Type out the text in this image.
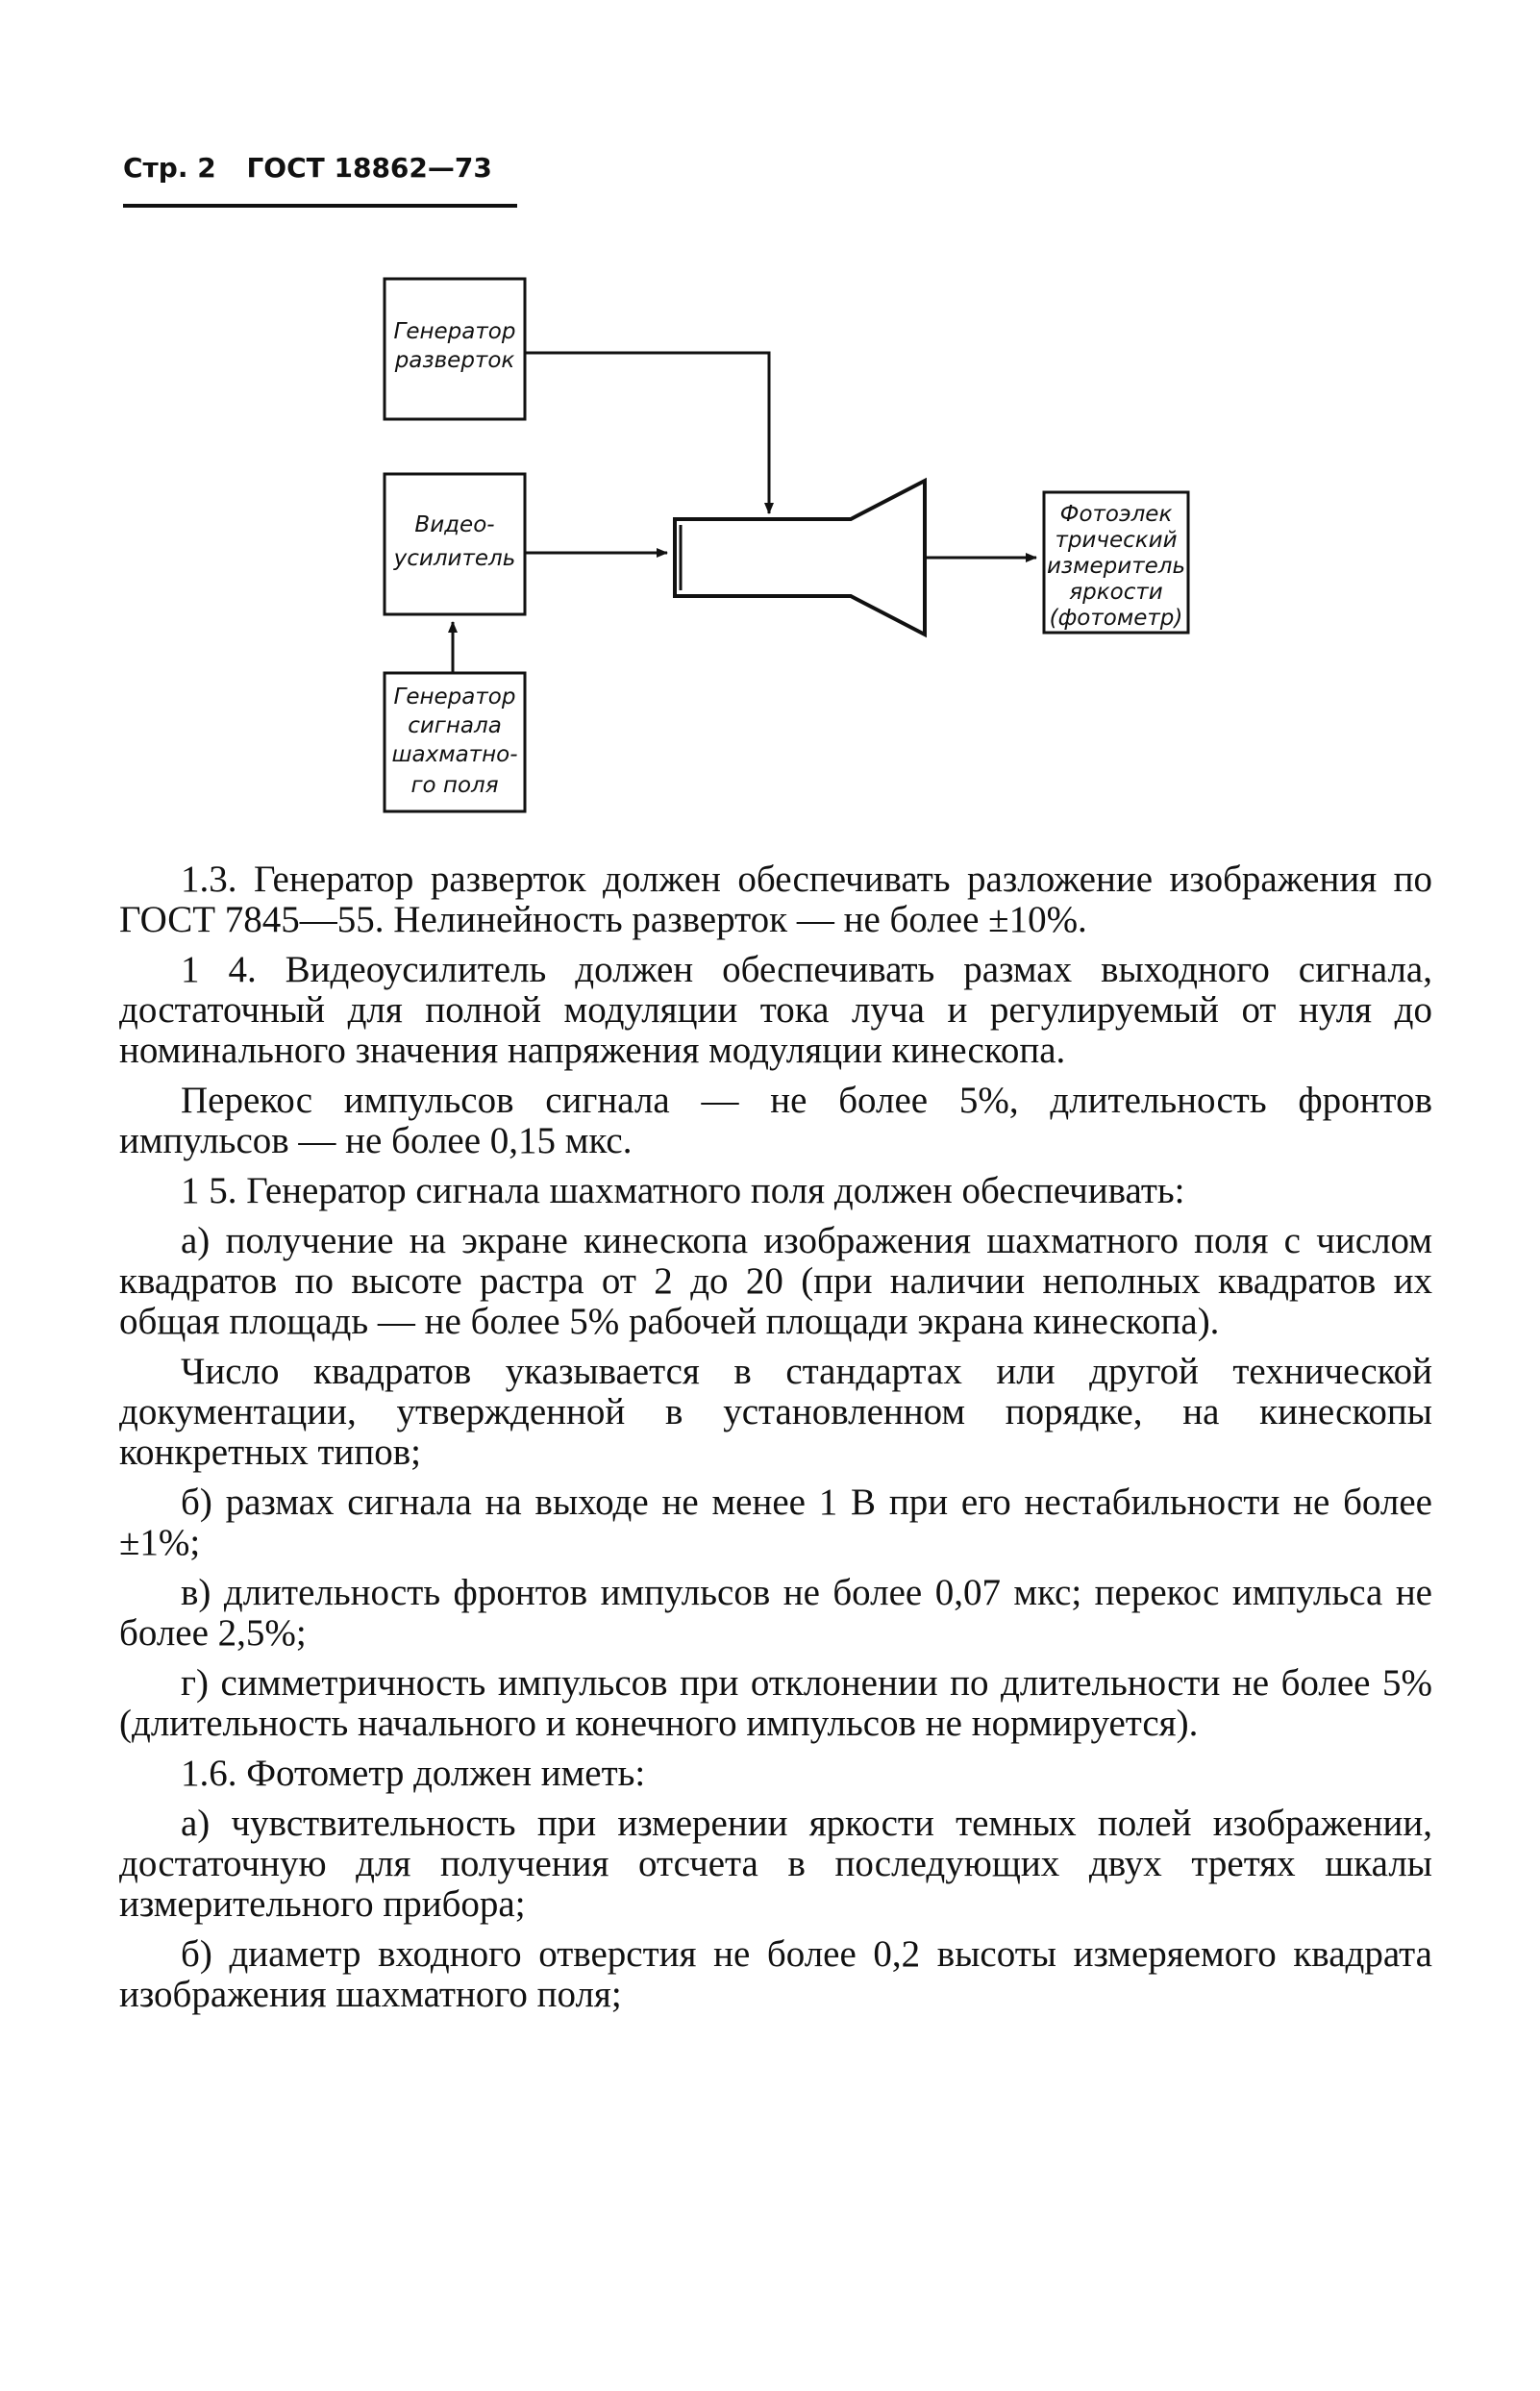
Стр. 2 ГОСТ 18862—73
Генератор
разверток
Видео-
усилитель
Генератор
сигнала
шахматно-
го поля
Фотоэлек
трический
измеритель
яркости
(фотометр)

1.3. Генератор разверток должен обеспечивать разложение изображения по ГОСТ 7845—55. Нелинейность разверток — не более ±10%.

1 4. Видеоусилитель должен обеспечивать размах выходного сигнала, достаточный для полной модуляции тока луча и регулируемый от нуля до номинального значения напряжения модуляции кинескопа.

Перекос импульсов сигнала — не более 5%, длительность фронтов импульсов — не более 0,15 мкс.

1 5. Генератор сигнала шахматного поля должен обеспечивать:

а) получение на экране кинескопа изображения шахматного поля с числом квадратов по высоте растра от 2 до 20 (при наличии неполных квадратов их общая площадь — не более 5% рабочей площади экрана кинескопа).

Число квадратов указывается в стандартах или другой технической документации, утвержденной в установленном порядке, на кинескопы конкретных типов;

б) размах сигнала на выходе не менее 1 В при его нестабильности не более ±1%;

в) длительность фронтов импульсов не более 0,07 мкс; перекос импульса не более 2,5%;

г) симметричность импульсов при отклонении по длительности не более 5% (длительность начального и конечного импульсов не нормируется).

1.6. Фотометр должен иметь:

а) чувствительность при измерении яркости темных полей изображении, достаточную для получения отсчета в последующих двух третях шкалы измерительного прибора;

б) диаметр входного отверстия не более 0,2 высоты измеряемого квадрата изображения шахматного поля;
